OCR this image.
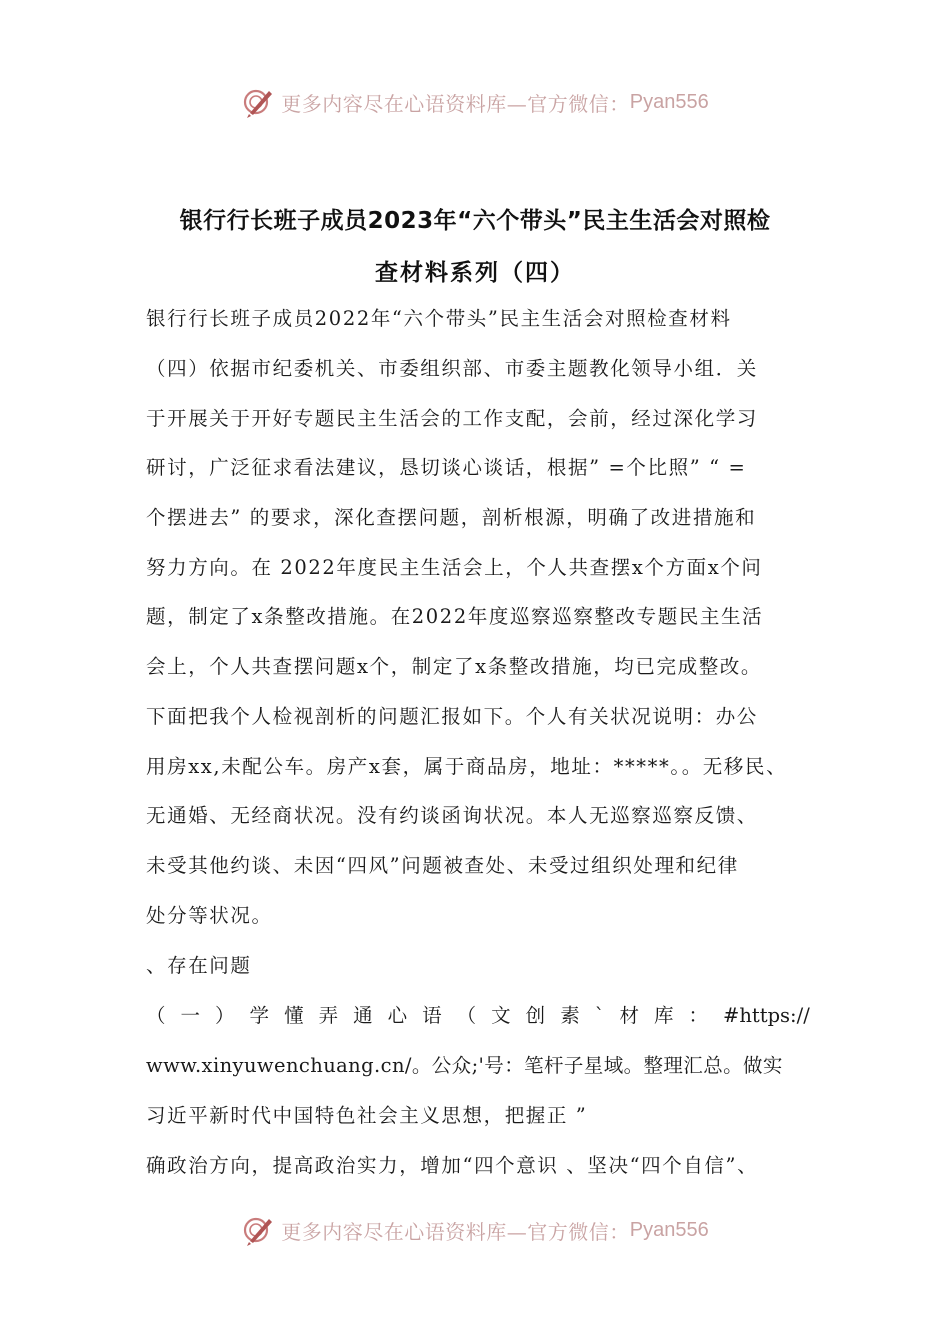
更多内容尽在心语资料库—官方微信： Pyan556
银行行长班子成员2023年“六个带头”民主生活会对照检
查材料系列（四）
银行行长班子成员2022年“六个带头”民主生活会对照检查材料
（四）依据市纪委机关、市委组织部、市委主题教化领导小组．关
于开展关于开好专题民主生活会的工作支配，会前，经过深化学习
研讨，广泛征求看法建议，恳切谈心谈话，根据” =个比照” “ =
个摆进去” 的要求，深化查摆问题，剖析根源，明确了改进措施和
努力方向。在 2022年度民主生活会上，个人共查摆x个方面x个问
题，制定了x条整改措施。在2022年度巡察巡察整改专题民主生活
会上，个人共查摆问题x个，制定了x条整改措施，均已完成整改。
下面把我个人检视剖析的问题汇报如下。个人有关状况说明：办公
用房xx,未配公车。房产x套，属于商品房，地址：*****。。无移民、
无通婚、无经商状况。没有约谈函询状况。本人无巡察巡察反馈、
未受其他约谈、未因“四风”问题被查处、未受过组织处理和纪律
处分等状况。
、存在问题
（ 一 ） 学 懂 弄 通 心 语 （ 文 创 素 ` 材 库 ： #https://
www.xinyuwenchuang.cn/。公众;'号：笔杆子星域。整理汇总。做实
习近平新时代中国特色社会主义思想，把握正 ”
确政治方向，提高政治实力，增加“四个意识 、坚决“四个自信”、
更多内容尽在心语资料库—官方微信： Pyan556
